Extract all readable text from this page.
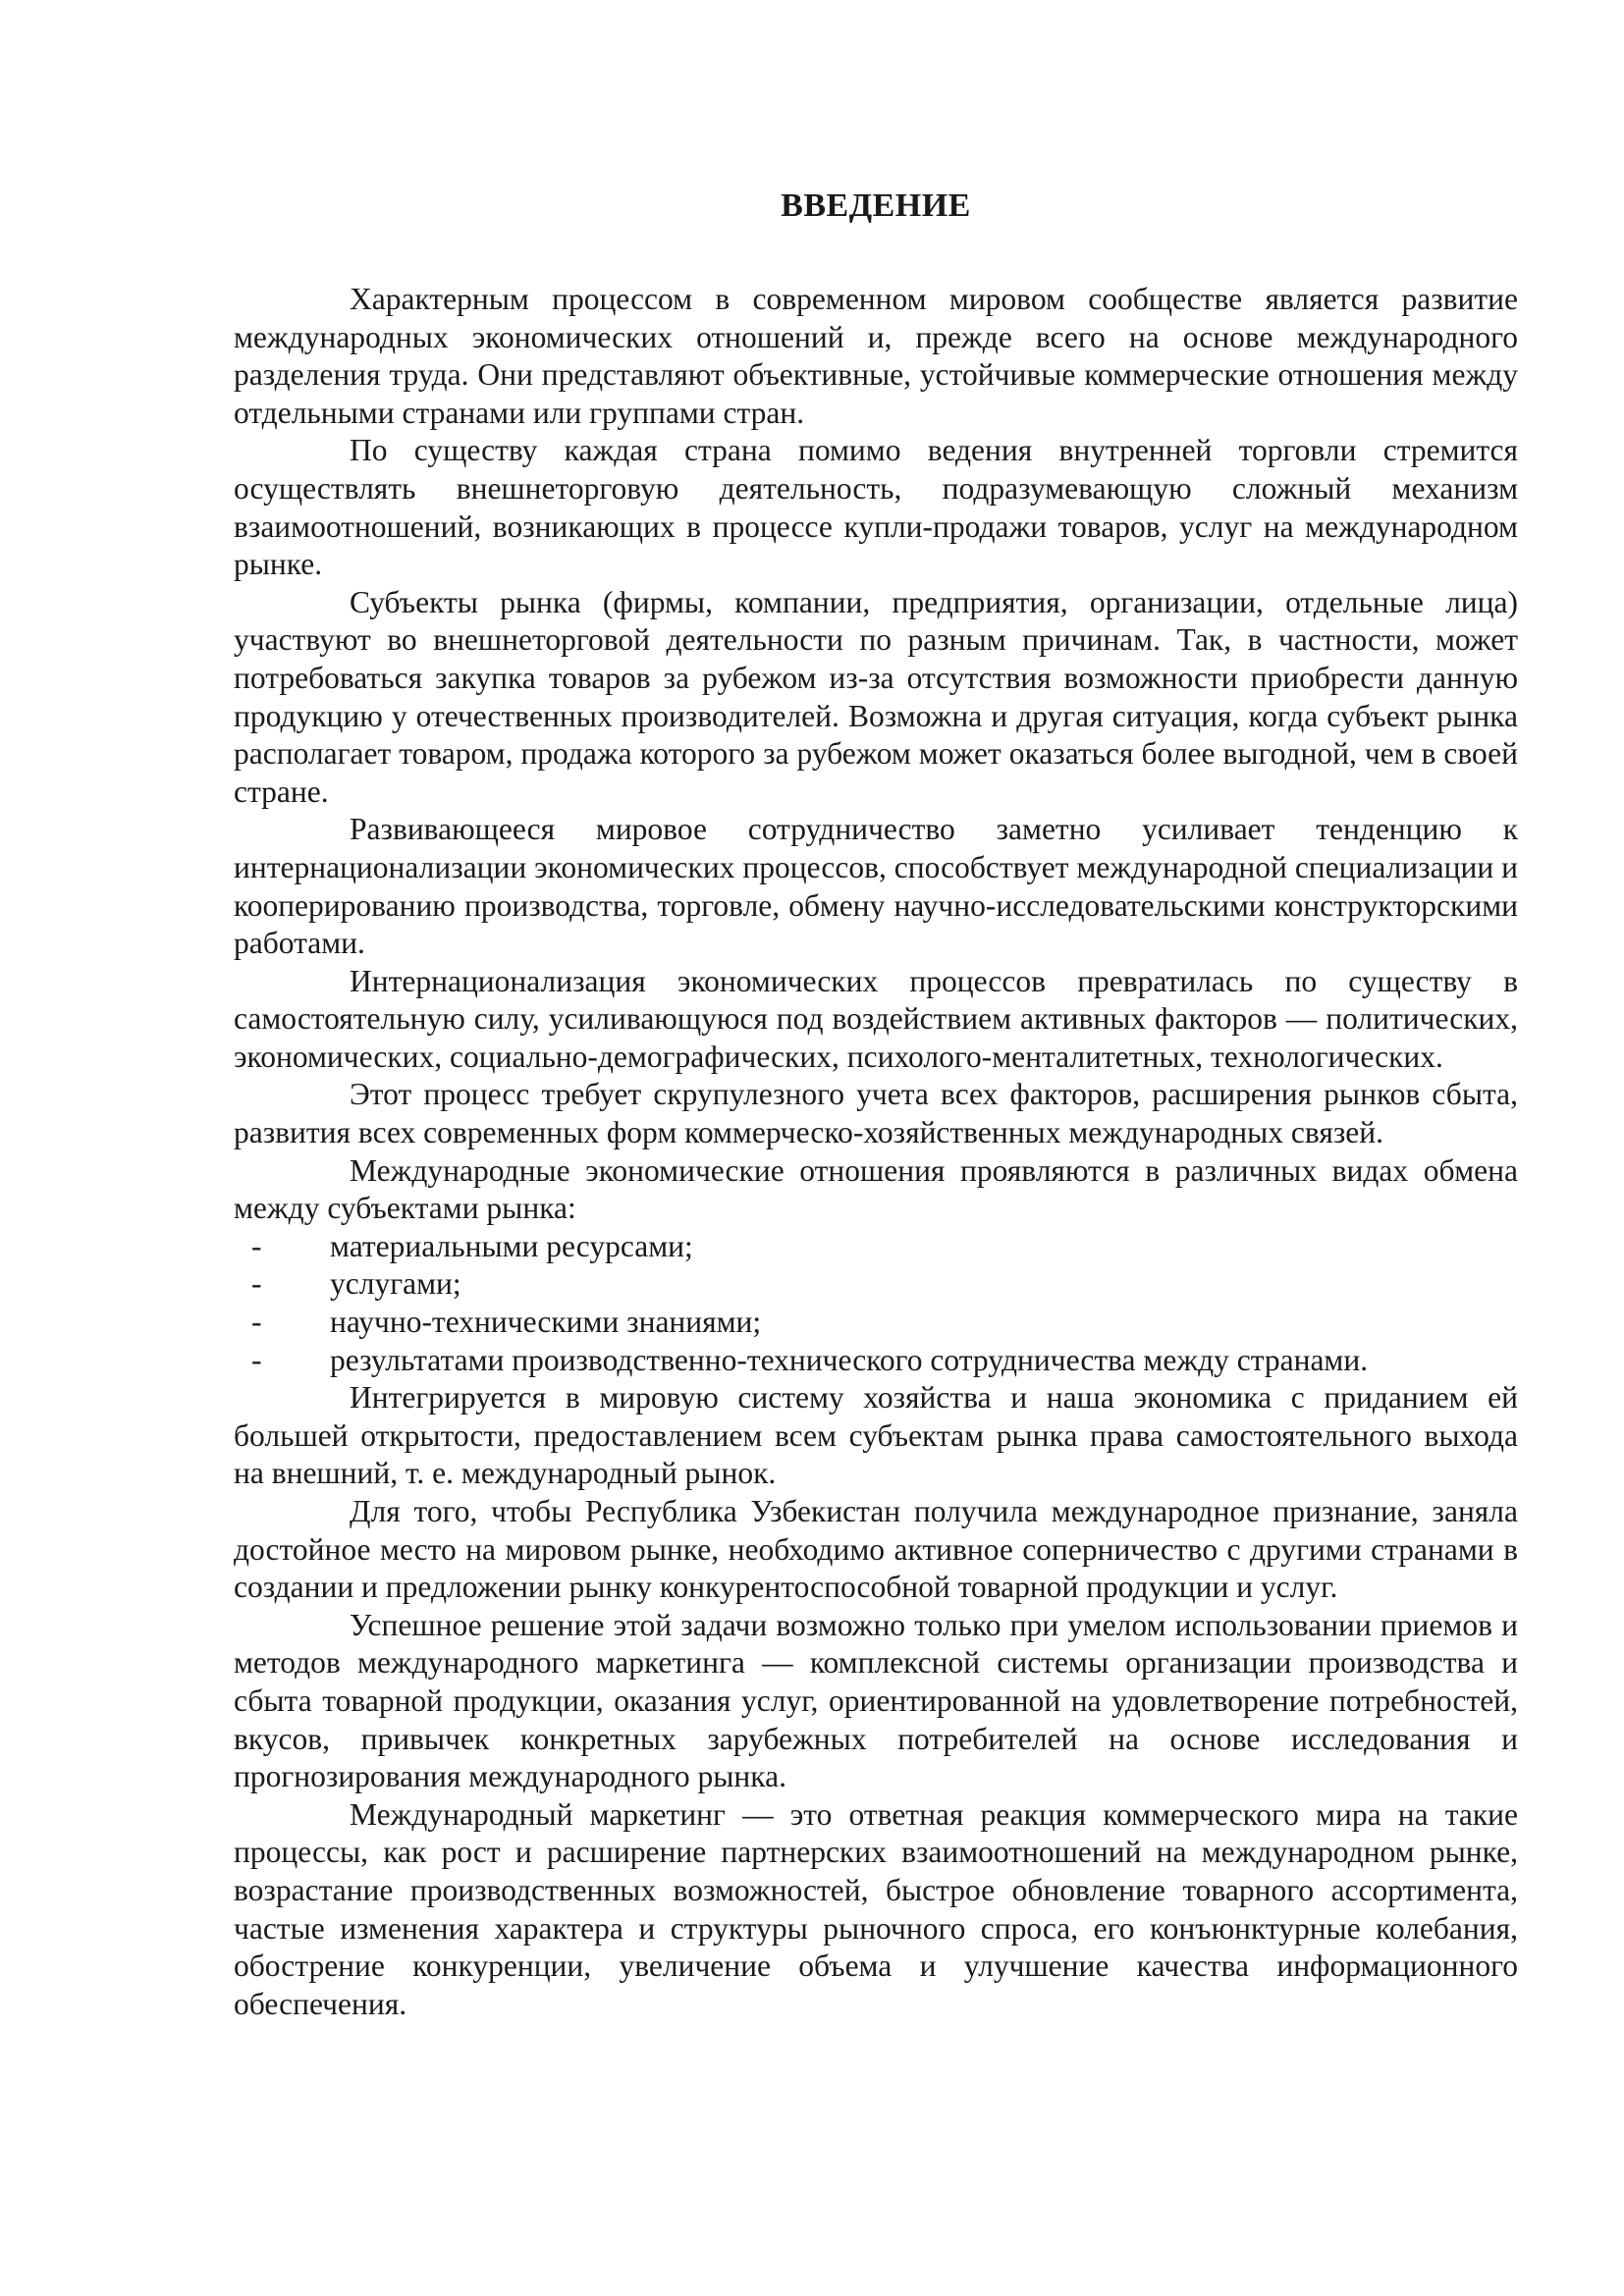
ВВЕДЕНИЕ

Характерным процессом в современном мировом сообществе является развитие международных экономических отношений и, прежде всего на основе международного разделения труда. Они представляют объективные, устойчивые коммерческие отношения между отдельными странами или группами стран.

По существу каждая страна помимо ведения внутренней торговли стремится осуществлять внешнеторговую деятельность, подразумевающую сложный механизм взаимоотношений, возникающих в процессе купли-продажи товаров, услуг на международном рынке.

Субъекты рынка (фирмы, компании, предприятия, организации, отдельные лица) участвуют во внешнеторговой деятельности по разным причинам. Так, в частности, может потребоваться закупка товаров за рубежом из-за отсутствия возможности приобрести данную продукцию у отечественных производителей. Возможна и другая ситуация, когда субъект рынка располагает товаром, продажа которого за рубежом может оказаться более выгодной, чем в своей стране.

Развивающееся мировое сотрудничество заметно усиливает тенденцию к интернационализации экономических процессов, способствует международной специализации и кооперированию производства, торговле, обмену научно-исследовательскими конструкторскими работами.

Интернационализация экономических процессов превратилась по существу в самостоятельную силу, усиливающуюся под воздействием активных факторов — политических, экономических, социально-демографических, психолого-менталитетных, технологических.

Этот процесс требует скрупулезного учета всех факторов, расширения рынков сбыта, развития всех современных форм коммерческо-хозяйственных международных связей.

Международные экономические отношения проявляются в различных видах обмена между субъектами рынка:

- материальными ресурсами;
- услугами;
- научно-техническими знаниями;
- результатами производственно-технического сотрудничества между странами.

Интегрируется в мировую систему хозяйства и наша экономика с приданием ей большей открытости, предоставлением всем субъектам рынка права самостоятельного выхода на внешний, т. е. международный рынок.

Для того, чтобы Республика Узбекистан получила международное признание, заняла достойное место на мировом рынке, необходимо активное соперничество с другими странами в создании и предложении рынку конкурентоспособной товарной продукции и услуг.

Успешное решение этой задачи возможно только при умелом использовании приемов и методов международного маркетинга — комплексной системы организации производства и сбыта товарной продукции, оказания услуг, ориентированной на удовлетворение потребностей, вкусов, привычек конкретных зарубежных потребителей на основе исследования и прогнозирования международного рынка.

Международный маркетинг — это ответная реакция коммерческого мира на такие процессы, как рост и расширение партнерских взаимоотношений на международном рынке, возрастание производственных возможностей, быстрое обновление товарного ассортимента, частые изменения характера и структуры рыночного спроса, его конъюнктурные колебания, обострение конкуренции, увеличение объема и улучшение качества информационного обеспечения.
